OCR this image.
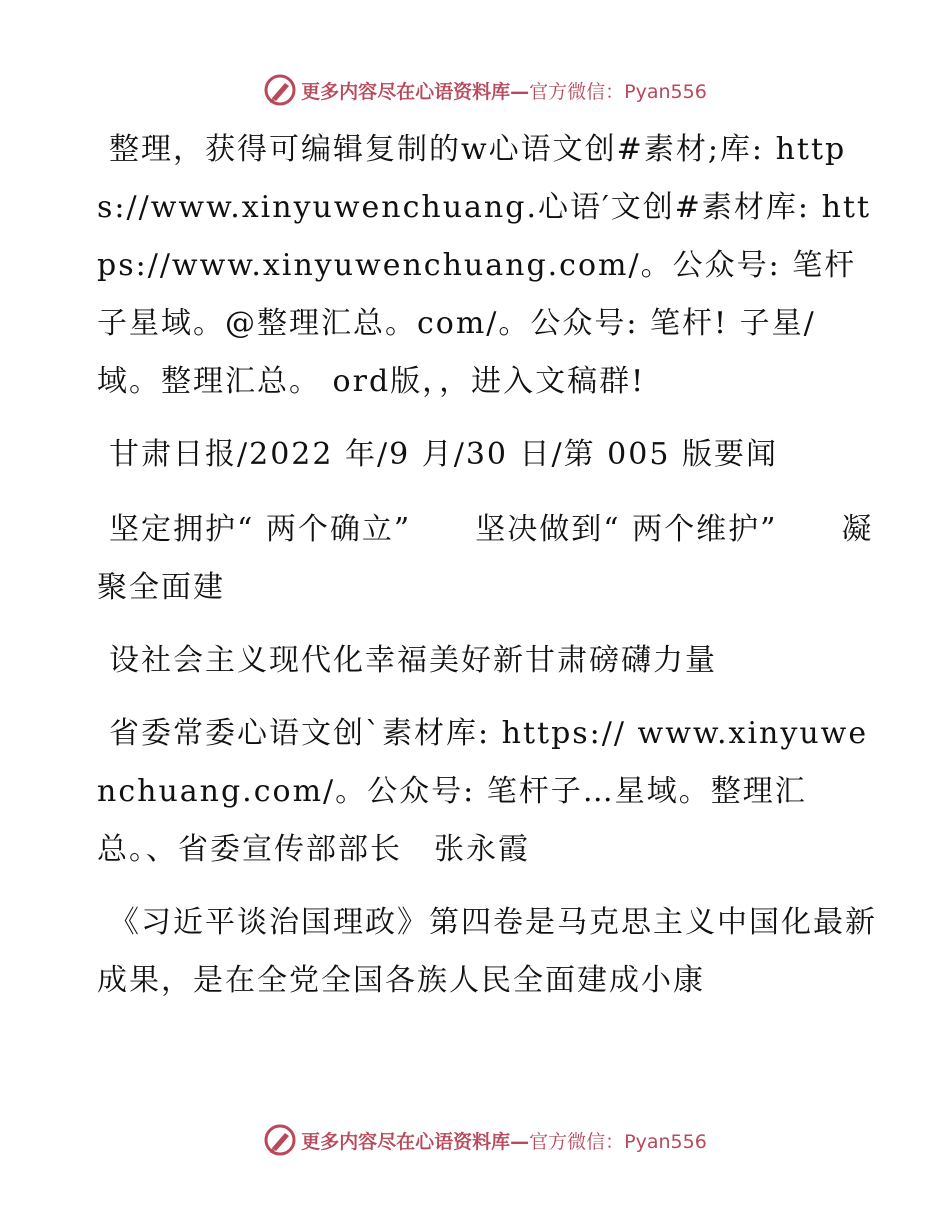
更多内容尽在心语资料库— 官方微信：Pyan556

整理，获得可编辑复制的w心语文创#素材;库: https://www.xinyuwenchuang.心语′文创#素材库: https://www.xinyuwenchuang.com/。公众号: 笔杆子星域。@整理汇总。com/。公众号: 笔杆! 子星/域。整理汇总。 ord版，，进入文稿群!

甘肃日报/2022 年/9 月/30 日/第 005 版要闻

坚定拥护“ 两个确立”　　坚决做到“ 两个维护”　　凝聚全面建

设社会主义现代化幸福美好新甘肃磅礴力量

省委常委心语文创`素材库: https:// www.xinyuwenchuang.com/。公众号: 笔杆子…星域。整理汇总。、省委宣传部部长　张永霞

《习近平谈治国理政》第四卷是马克思主义中国化最新成果，是在全党全国各族人民全面建成小康

更多内容尽在心语资料库— 官方微信：Pyan556
